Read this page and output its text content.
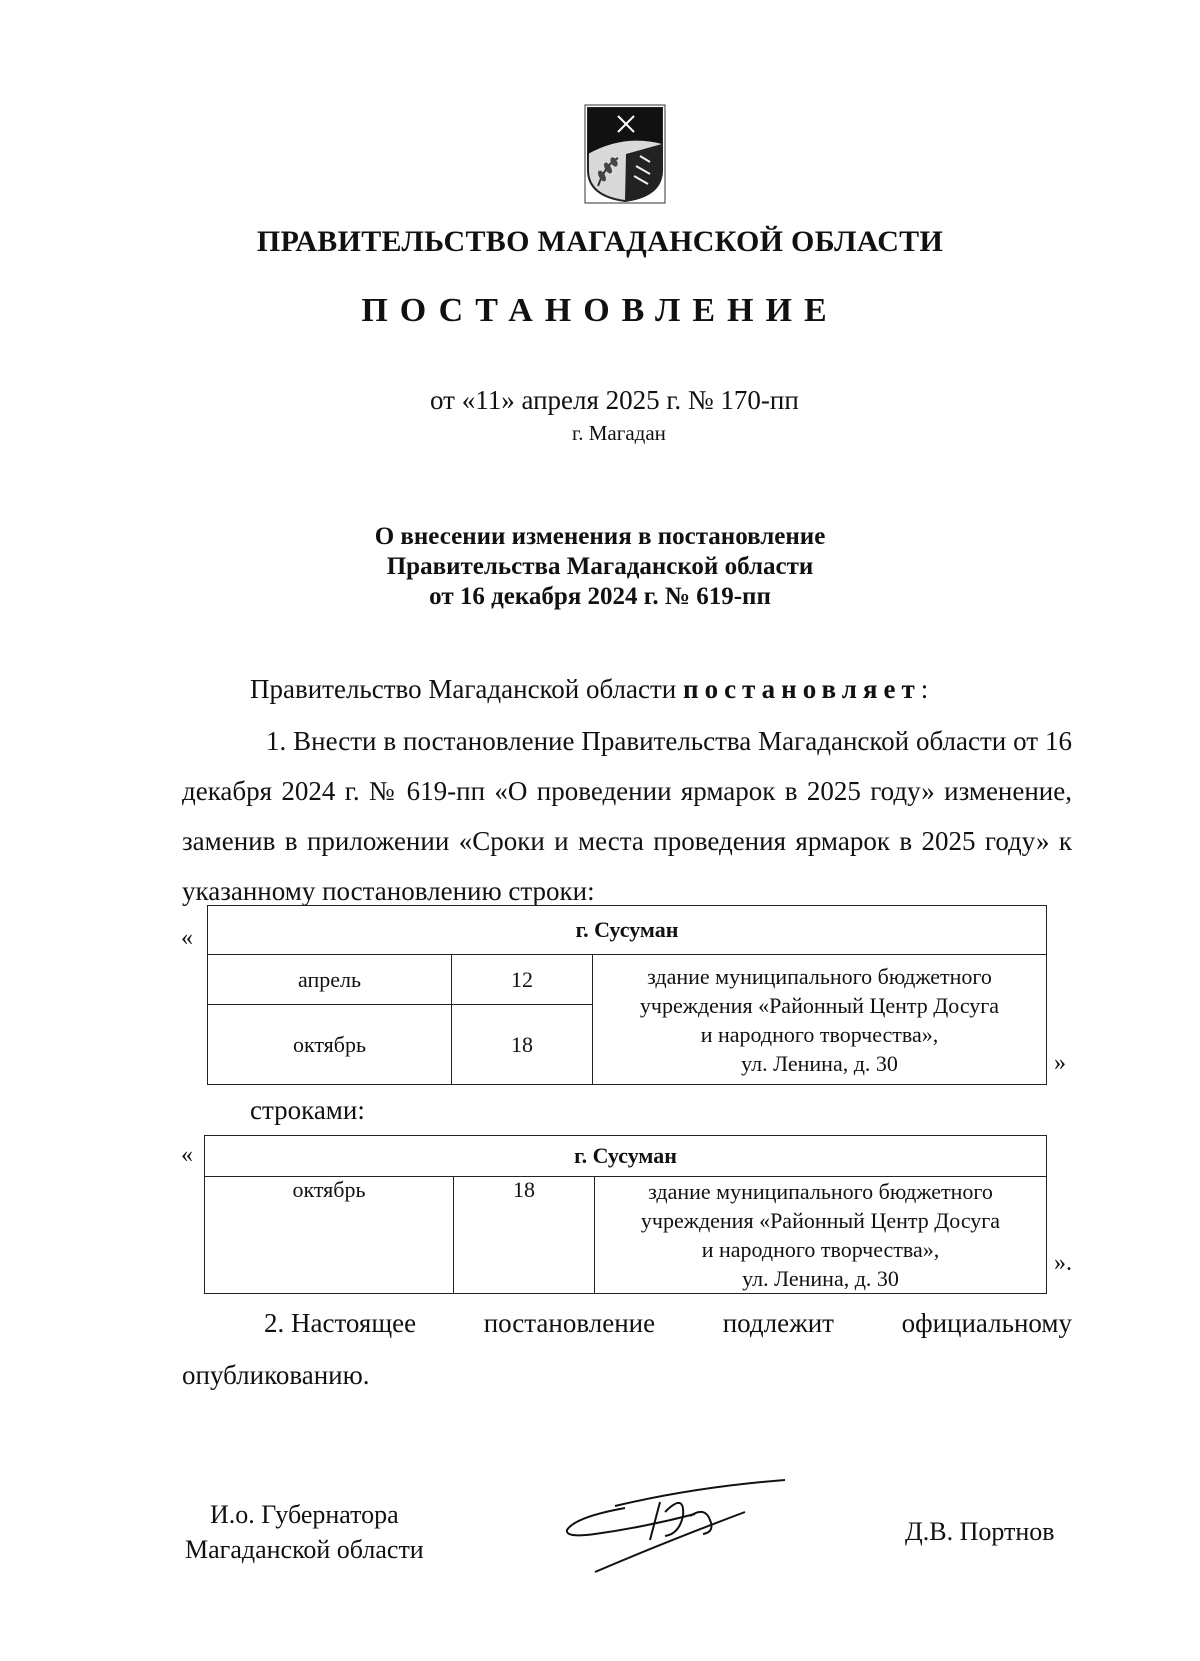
ПРАВИТЕЛЬСТВО МАГАДАНСКОЙ ОБЛАСТИ
ПОСТАНОВЛЕНИЕ
от «11» апреля 2025 г. № 170-пп
г. Магадан
О внесении изменения в постановление
Правительства Магаданской области
от 16 декабря 2024 г. № 619-пп
Правительство Магаданской области постановляет:
1. Внести в постановление Правительства Магаданской области от 16 декабря 2024 г. № 619-пп «О проведении ярмарок в 2025 году» изменение, заменив в приложении «Сроки и места проведения ярмарок в 2025 году» к указанному постановлению строки:
«	г. Сусуман		
апрель	12	здание муниципального бюджетного
учреждения «Районный Центр Досуга
и народного творчества»,
ул. Ленина, д. 30

октябрь	18	
»
строками:
«	г. Сусуман
октябрь	18	здание муниципального бюджетного
учреждения «Районный Центр Досуга
и народного творчества»,
ул. Ленина, д. 30
».
2. Настоящее	постановление	подлежит	официальному
опубликованию.
И.о. Губернатора
Магаданской области
Д.В. Портнов
